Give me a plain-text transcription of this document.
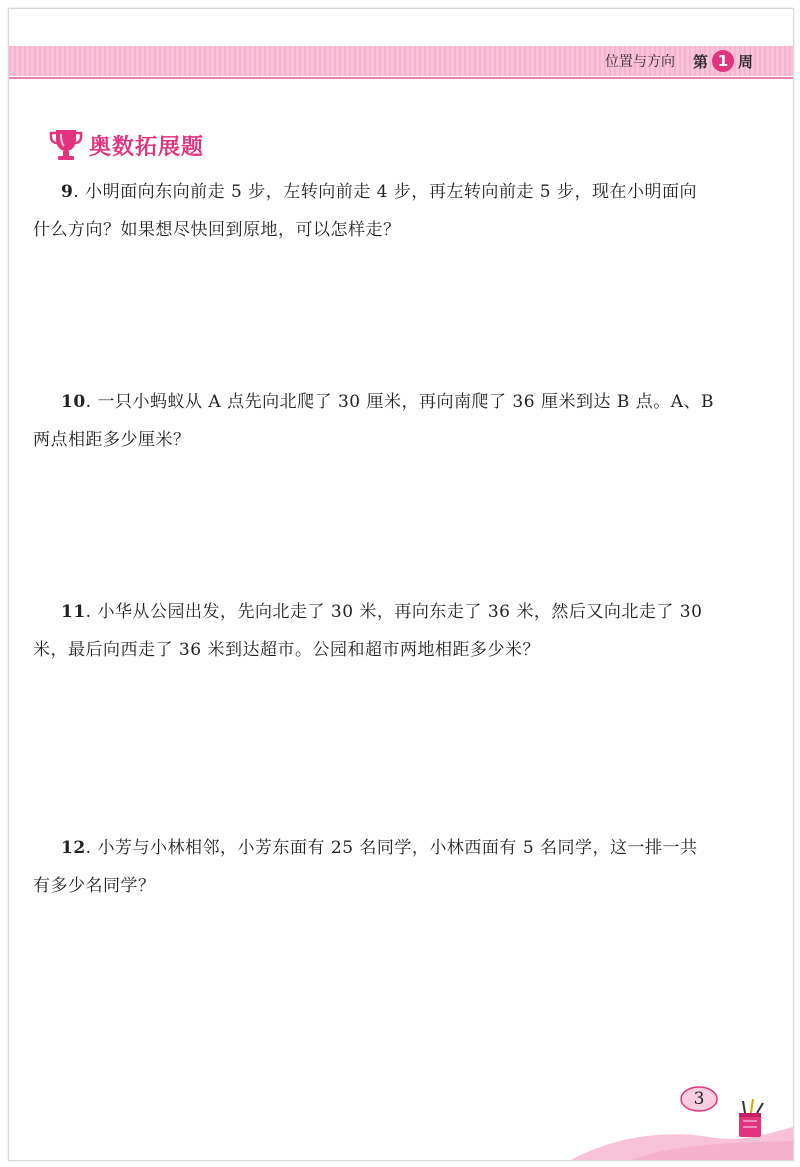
位置与方向 第 1 周
奥数拓展题

9. 小明面向东向前走 5 步，左转向前走 4 步，再左转向前走 5 步，现在小明面向

什么方向？如果想尽快回到原地，可以怎样走？

10. 一只小蚂蚁从 A 点先向北爬了 30 厘米，再向南爬了 36 厘米到达 B 点。A、B

两点相距多少厘米？

11. 小华从公园出发，先向北走了 30 米，再向东走了 36 米，然后又向北走了 30

米，最后向西走了 36 米到达超市。公园和超市两地相距多少米？

12. 小芳与小林相邻，小芳东面有 25 名同学，小林西面有 5 名同学，这一排一共

有多少名同学？

3
